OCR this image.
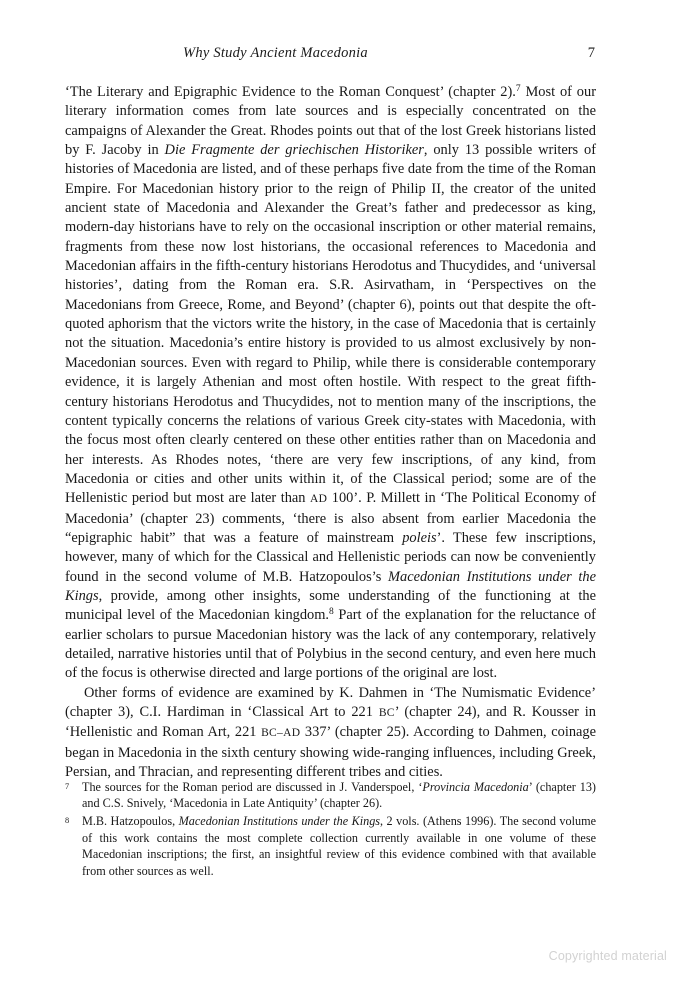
Why Study Ancient Macedonia	7

‘The Literary and Epigraphic Evidence to the Roman Conquest’ (chapter 2).$^7$ Most of our literary information comes from late sources and is especially concentrated on the campaigns of Alexander the Great. Rhodes points out that of the lost Greek historians listed by F. Jacoby in Die Fragmente der griechischen Historiker, only 13 possible writers of histories of Macedonia are listed, and of these perhaps five date from the time of the Roman Empire. For Macedonian history prior to the reign of Philip II, the creator of the united ancient state of Macedonia and Alexander the Great’s father and predecessor as king, modern-day historians have to rely on the occasional inscription or other material remains, fragments from these now lost historians, the occasional references to Macedonia and Macedonian affairs in the fifth-century historians Herodotus and Thucydides, and ‘universal histories’, dating from the Roman era. S.R. Asirvatham, in ‘Perspectives on the Macedonians from Greece, Rome, and Beyond’ (chapter 6), points out that despite the oft-quoted aphorism that the victors write the history, in the case of Macedonia that is certainly not the situation. Macedonia’s entire history is provided to us almost exclusively by non-Macedonian sources. Even with regard to Philip, while there is considerable contemporary evidence, it is largely Athenian and most often hostile. With respect to the great fifth-century historians Herodotus and Thucydides, not to mention many of the inscriptions, the content typically concerns the relations of various Greek city-states with Macedonia, with the focus most often clearly centered on these other entities rather than on Macedonia and her interests. As Rhodes notes, ‘there are very few inscriptions, of any kind, from Macedonia or cities and other units within it, of the Classical period; some are of the Hellenistic period but most are later than AD 100’. P. Millett in ‘The Political Economy of Macedonia’ (chapter 23) comments, ‘there is also absent from earlier Macedonia the “epigraphic habit” that was a feature of mainstream poleis’. These few inscriptions, however, many of which for the Classical and Hellenistic periods can now be conveniently found in the second volume of M.B. Hatzopoulos’s Macedonian Institutions under the Kings, provide, among other insights, some understanding of the functioning at the municipal level of the Macedonian kingdom.$^8$ Part of the explanation for the reluctance of earlier scholars to pursue Macedonian history was the lack of any contemporary, relatively detailed, narrative histories until that of Polybius in the second century, and even here much of the focus is otherwise directed and large portions of the original are lost.

Other forms of evidence are examined by K. Dahmen in ‘The Numismatic Evidence’ (chapter 3), C.I. Hardiman in ‘Classical Art to 221 BC’ (chapter 24), and R. Kousser in ‘Hellenistic and Roman Art, 221 BC–AD 337’ (chapter 25). According to Dahmen, coinage began in Macedonia in the sixth century showing wide-ranging influences, including Greek, Persian, and Thracian, and representing different tribes and cities.

7 The sources for the Roman period are discussed in J. Vanderspoel, ‘Provincia Macedonia’ (chapter 13) and C.S. Snively, ‘Macedonia in Late Antiquity’ (chapter 26).

8 M.B. Hatzopoulos, Macedonian Institutions under the Kings, 2 vols. (Athens 1996). The second volume of this work contains the most complete collection currently available in one volume of these Macedonian inscriptions; the first, an insightful review of this evidence combined with that available from other sources as well.

Copyrighted material
